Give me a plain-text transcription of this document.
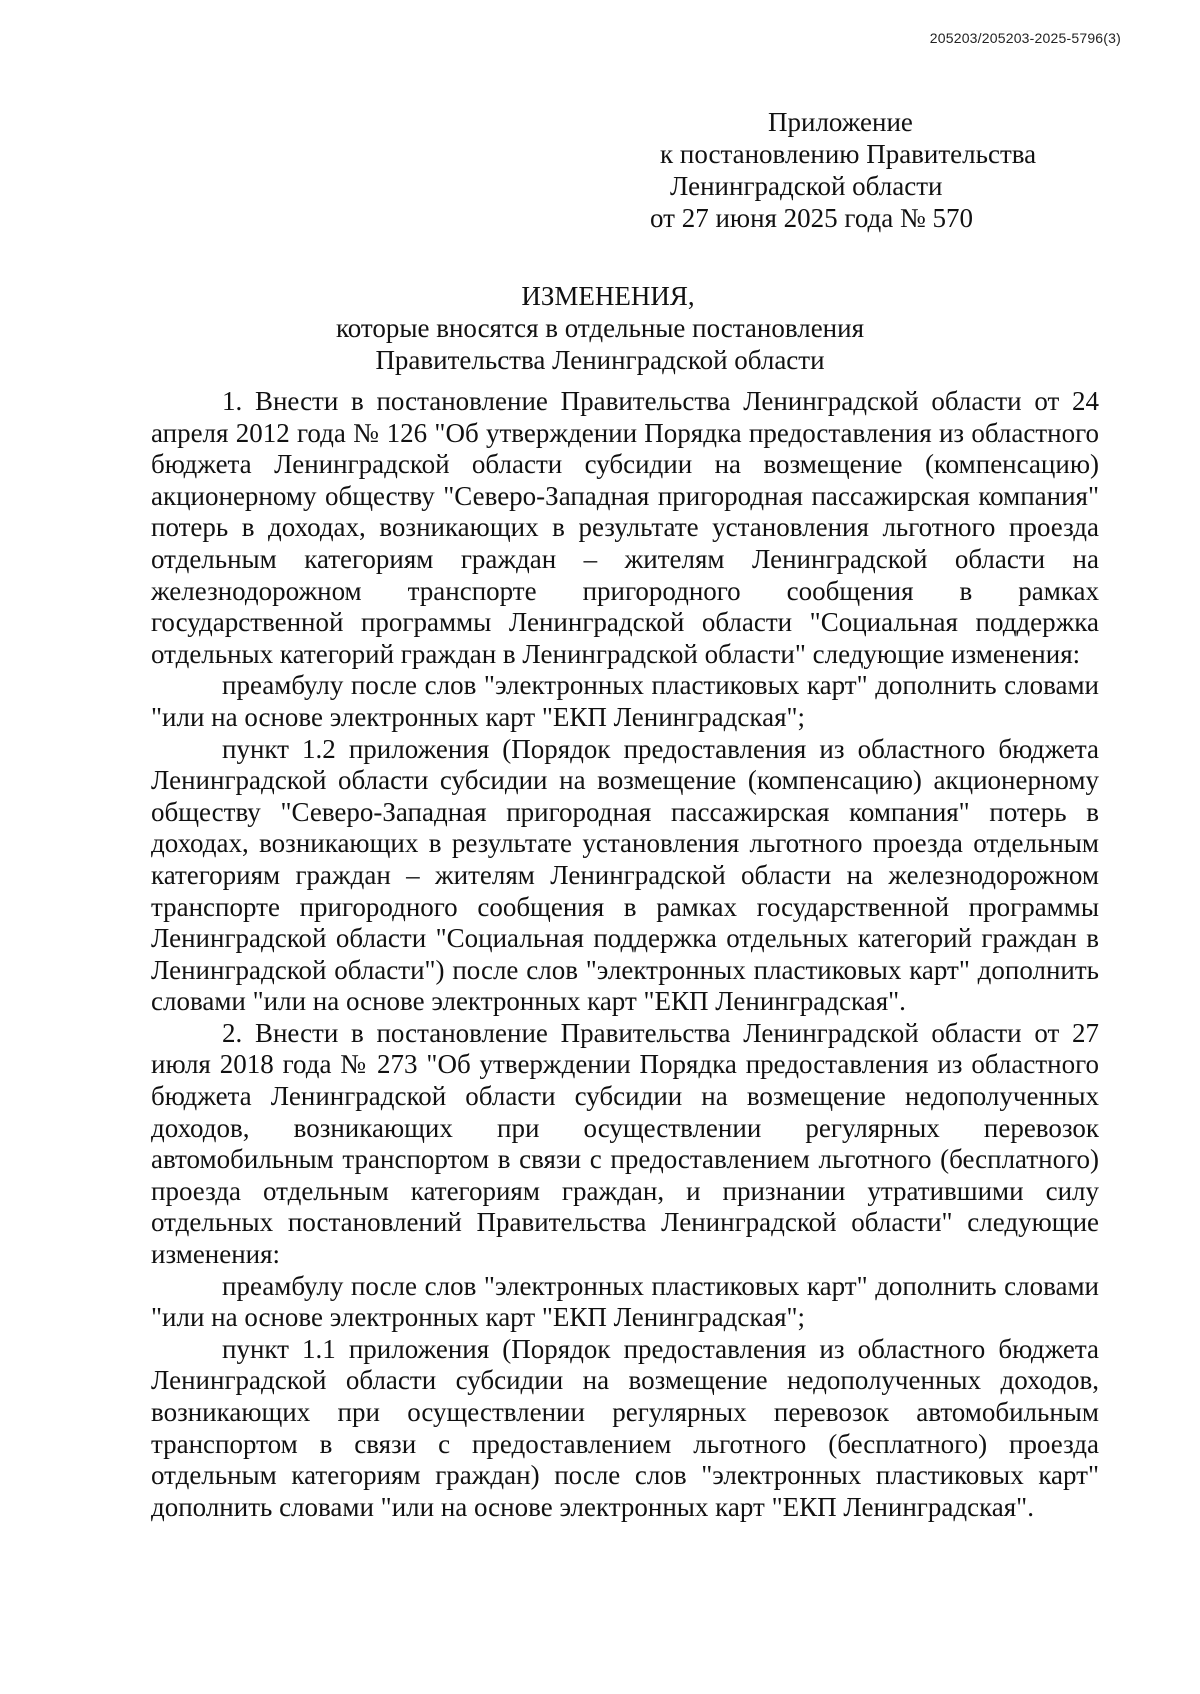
205203/205203-2025-5796(3)
Приложение
к постановлению Правительства
Ленинградской области
от 27 июня 2025 года № 570
ИЗМЕНЕНИЯ,
которые вносятся в отдельные постановления
Правительства Ленинградской области

1. Внести в постановление Правительства Ленинградской области от 24 апреля 2012 года № 126 "Об утверждении Порядка предоставления из областного бюджета Ленинградской области субсидии на возмещение (компенсацию) акционерному обществу "Северо-Западная пригородная пассажирская компания" потерь в доходах, возникающих в результате установления льготного проезда отдельным категориям граждан – жителям Ленинградской области на железнодорожном транспорте пригородного сообщения в рамках государственной программы Ленинградской области "Социальная поддержка отдельных категорий граждан в Ленинградской области" следующие изменения:

преамбулу после слов "электронных пластиковых карт" дополнить словами "или на основе электронных карт "ЕКП Ленинградская";

пункт 1.2 приложения (Порядок предоставления из областного бюджета Ленинградской области субсидии на возмещение (компенсацию) акционерному обществу "Северо-Западная пригородная пассажирская компания" потерь в доходах, возникающих в результате установления льготного проезда отдельным категориям граждан – жителям Ленинградской области на железнодорожном транспорте пригородного сообщения в рамках государственной программы Ленинградской области "Социальная поддержка отдельных категорий граждан в Ленинградской области") после слов "электронных пластиковых карт" дополнить словами "или на основе электронных карт "ЕКП Ленинградская".

2. Внести в постановление Правительства Ленинградской области от 27 июля 2018 года № 273 "Об утверждении Порядка предоставления из областного бюджета Ленинградской области субсидии на возмещение недополученных доходов, возникающих при осуществлении регулярных перевозок автомобильным транспортом в связи с предоставлением льготного (бесплатного) проезда отдельным категориям граждан, и признании утратившими силу отдельных постановлений Правительства Ленинградской области" следующие изменения:

преамбулу после слов "электронных пластиковых карт" дополнить словами "или на основе электронных карт "ЕКП Ленинградская";

пункт 1.1 приложения (Порядок предоставления из областного бюджета Ленинградской области субсидии на возмещение недополученных доходов, возникающих при осуществлении регулярных перевозок автомобильным транспортом в связи с предоставлением льготного (бесплатного) проезда отдельным категориям граждан) после слов "электронных пластиковых карт" дополнить словами "или на основе электронных карт "ЕКП Ленинградская".
